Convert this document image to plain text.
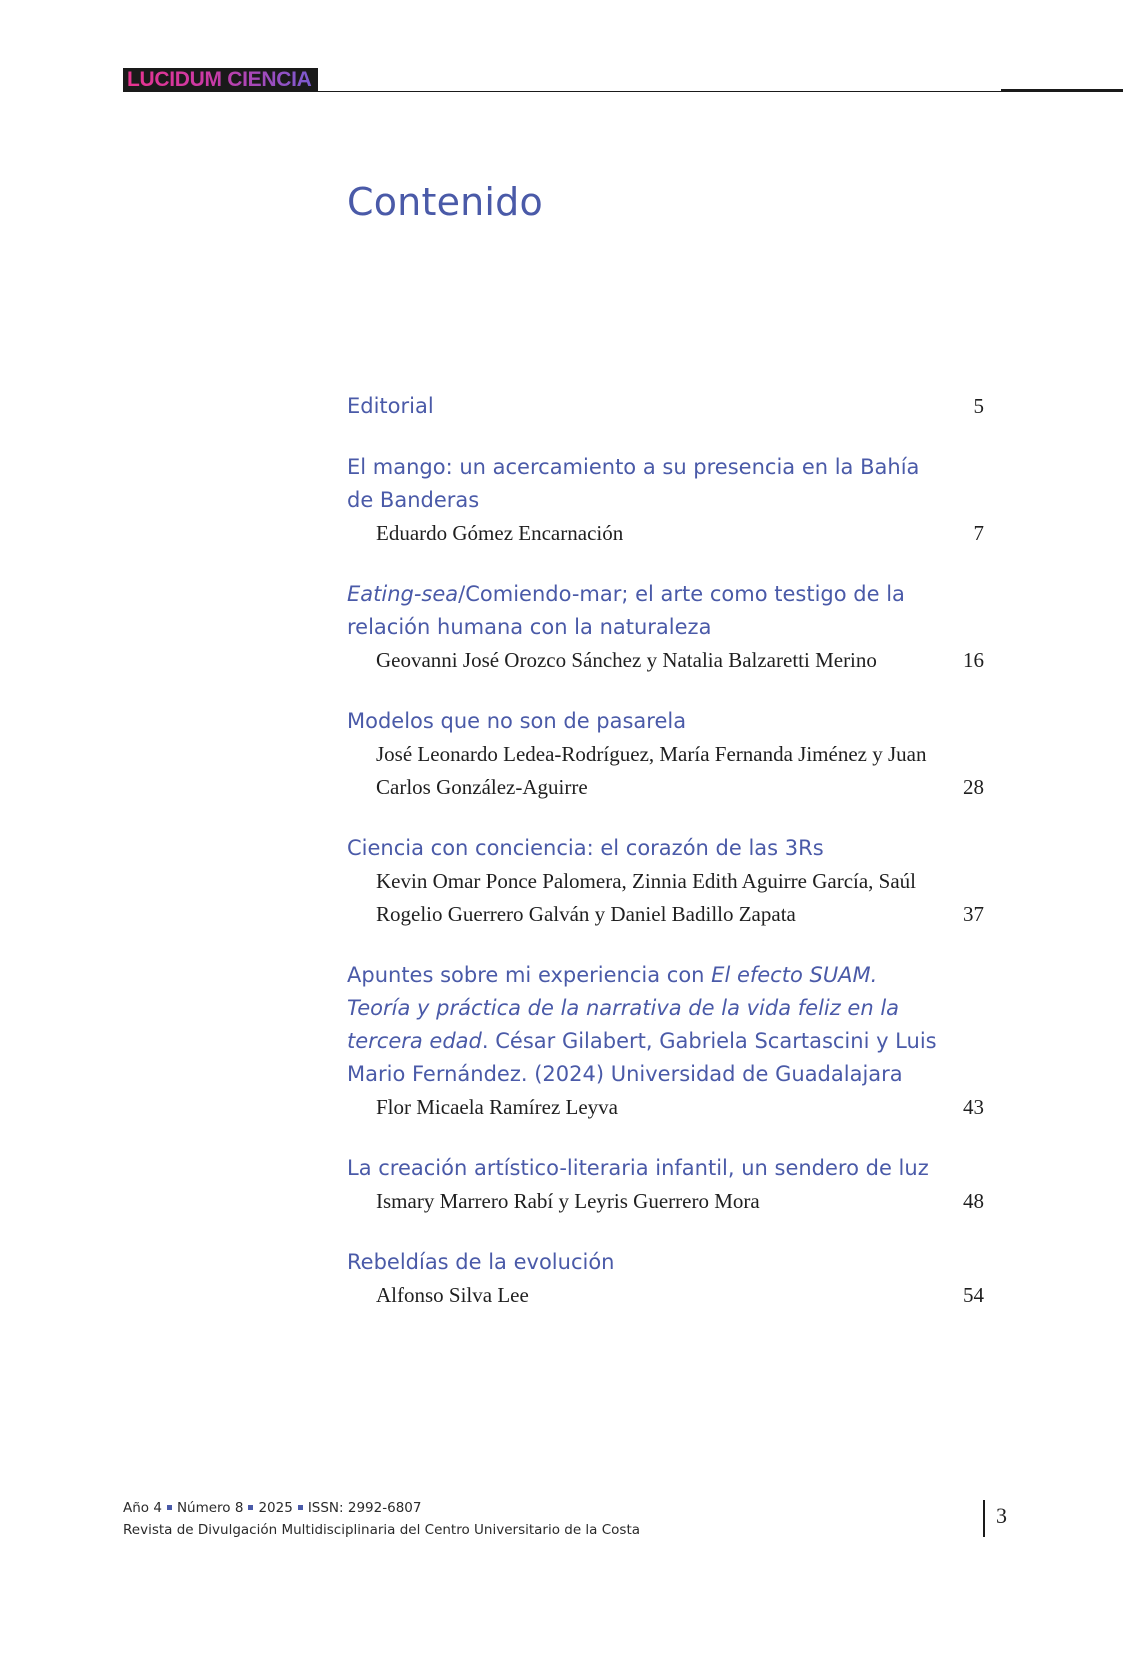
LUCIDUM CIENCIA
Contenido
Editorial	5
El mango: un acercamiento a su presencia en la Bahía de Banderas
Eduardo Gómez Encarnación	7
Eating-sea/Comiendo-mar; el arte como testigo de la relación humana con la naturaleza
Geovanni José Orozco Sánchez y Natalia Balzaretti Merino	16
Modelos que no son de pasarela
José Leonardo Ledea-Rodríguez, María Fernanda Jiménez y Juan Carlos González-Aguirre	28
Ciencia con conciencia: el corazón de las 3Rs
Kevin Omar Ponce Palomera, Zinnia Edith Aguirre García, Saúl Rogelio Guerrero Galván y Daniel Badillo Zapata	37
Apuntes sobre mi experiencia con El efecto SUAM. Teoría y práctica de la narrativa de la vida feliz en la tercera edad. César Gilabert, Gabriela Scartascini y Luis Mario Fernández. (2024) Universidad de Guadalajara
Flor Micaela Ramírez Leyva	43
La creación artístico-literaria infantil, un sendero de luz
Ismary Marrero Rabí y Leyris Guerrero Mora	48
Rebeldías de la evolución
Alfonso Silva Lee	54
Año 4 Número 8 2025 ISSN: 2992-6807
Revista de Divulgación Multidisciplinaria del Centro Universitario de la Costa
3
